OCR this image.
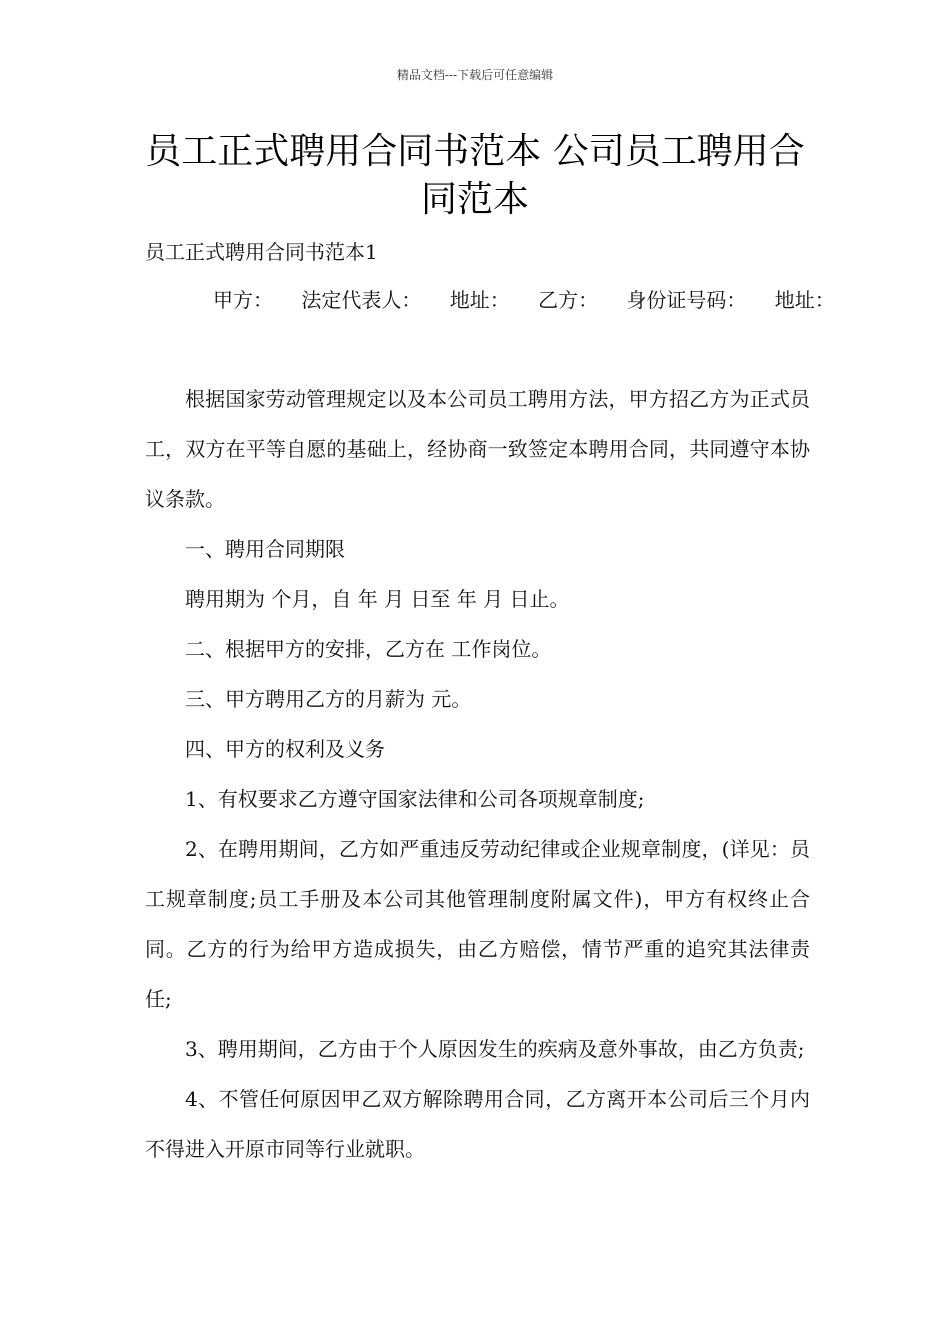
精品文档---下载后可任意编辑
员工正式聘用合同书范本 公司员工聘用合同范本
员工正式聘用合同书范本1
甲方： 法定代表人： 地址： 乙方： 身份证号码： 地址：

根据国家劳动管理规定以及本公司员工聘用方法，甲方招乙方为正式员工，双方在平等自愿的基础上，经协商一致签定本聘用合同，共同遵守本协议条款。

一、聘用合同期限

聘用期为 个月，自 年 月 日至 年 月 日止。

二、根据甲方的安排，乙方在 工作岗位。

三、甲方聘用乙方的月薪为 元。

四、甲方的权利及义务

1、有权要求乙方遵守国家法律和公司各项规章制度;

2、在聘用期间，乙方如严重违反劳动纪律或企业规章制度，(详见：员工规章制度;员工手册及本公司其他管理制度附属文件)，甲方有权终止合同。乙方的行为给甲方造成损失，由乙方赔偿，情节严重的追究其法律责任;

3、聘用期间，乙方由于个人原因发生的疾病及意外事故，由乙方负责;

4、不管任何原因甲乙双方解除聘用合同，乙方离开本公司后三个月内不得进入开原市同等行业就职。
